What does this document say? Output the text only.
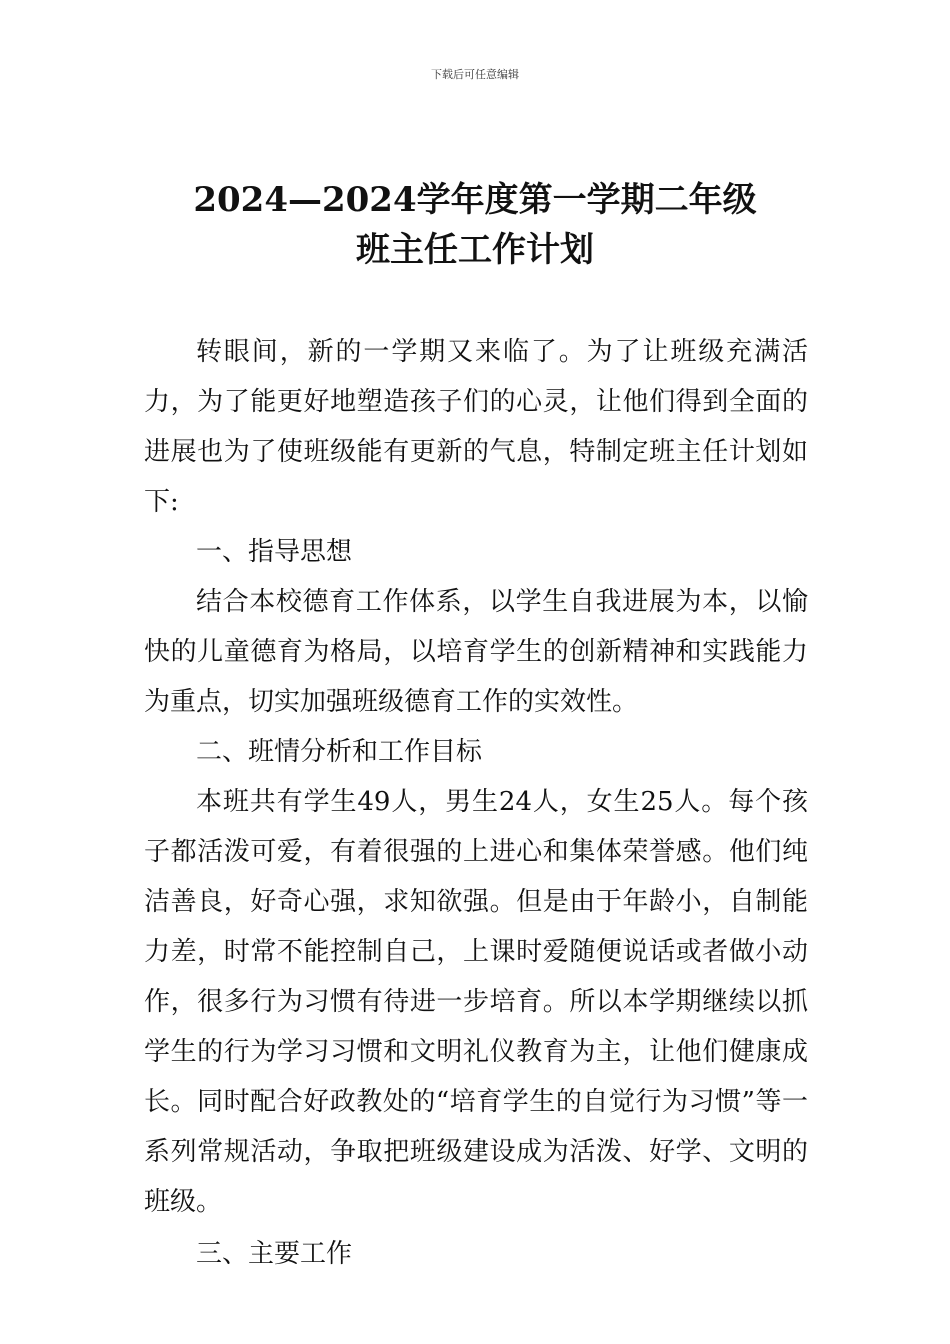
下载后可任意编辑
2024—2024学年度第一学期二年级
班主任工作计划

转眼间，新的一学期又来临了。为了让班级充满活力，为了能更好地塑造孩子们的心灵，让他们得到全面的进展也为了使班级能有更新的气息，特制定班主任计划如下:

一、指导思想

结合本校德育工作体系，以学生自我进展为本，以愉快的儿童德育为格局，以培育学生的创新精神和实践能力为重点，切实加强班级德育工作的实效性。

二、班情分析和工作目标

本班共有学生49人，男生24人，女生25人。每个孩子都活泼可爱，有着很强的上进心和集体荣誉感。他们纯洁善良，好奇心强，求知欲强。但是由于年龄小，自制能力差，时常不能控制自己，上课时爱随便说话或者做小动作，很多行为习惯有待进一步培育。所以本学期继续以抓学生的行为学习习惯和文明礼仪教育为主，让他们健康成长。同时配合好政教处的“培育学生的自觉行为习惯”等一系列常规活动，争取把班级建设成为活泼、好学、文明的班级。

三、主要工作
